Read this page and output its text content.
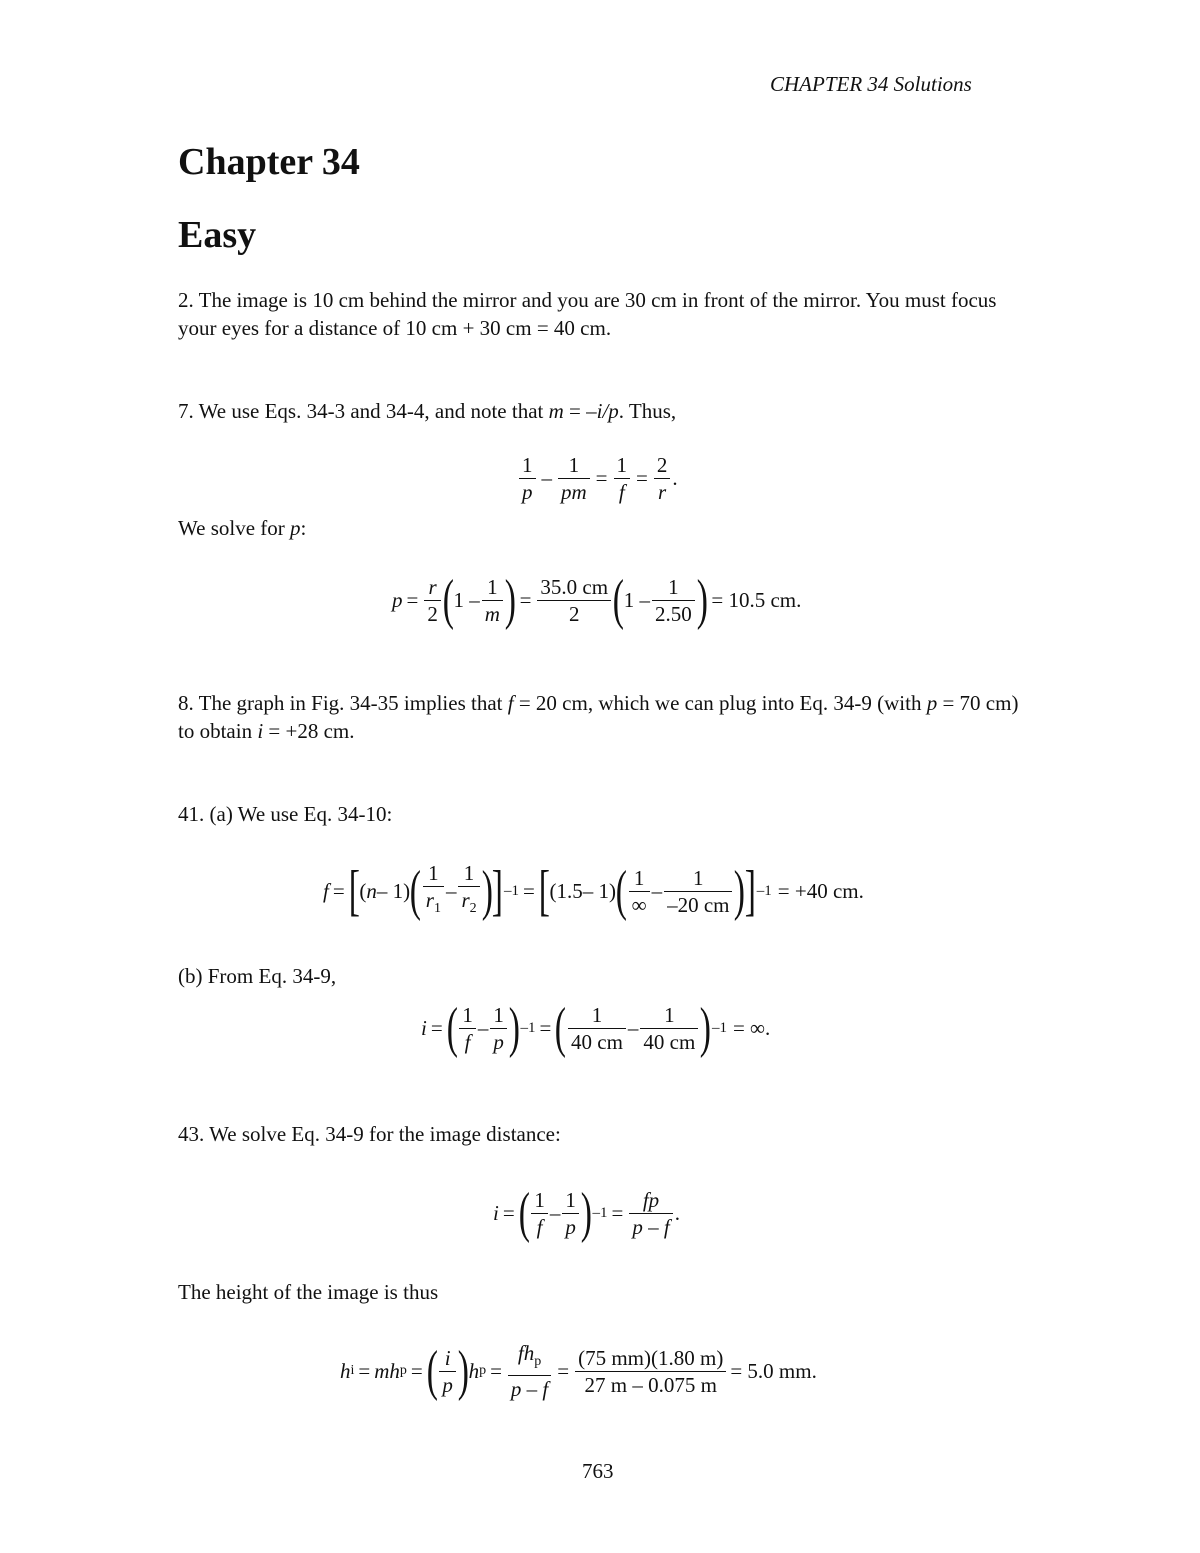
CHAPTER 34 Solutions
Chapter 34
Easy
2. The image is 10 cm behind the mirror and you are 30 cm in front of the mirror. You must focus your eyes for a distance of 10 cm + 30 cm = 40 cm.
7. We use Eqs. 34-3 and 34-4, and note that m = –i/p. Thus,
$\frac{1}{p} - \frac{1}{pm} = \frac{1}{f} = \frac{2}{r}$ .
We solve for p:
$p = \frac{r}{2}$ ( $1 - \frac{1}{m}$ ) = $\frac{35.0 cm}{2}$ ( $1 - \frac{1}{2.50}$ ) = 10.5 cm.
8. The graph in Fig. 34-35 implies that f = 20 cm, which we can plug into Eq. 34-9 (with p = 70 cm) to obtain i = +28 cm.
41. (a) We use Eq. 34-10:
f = [ ( n – 1) ( $\frac{1}{r_1} - \frac{1}{r_2}$ ) ] –1 = [ ( 1.5 – 1) ( $\frac{1}{\infty} - \frac{1}{-20 cm}$ ) ] –1 = +40 cm.
(b) From Eq. 34-9,
i = ( $\frac{1}{f} - \frac{1}{p}$ ) –1 = ( $\frac{1}{40 cm} - \frac{1}{40 cm}$ ) –1 = ∞.
43. We solve Eq. 34-9 for the image distance:
i = ( $\frac{1}{f} - \frac{1}{p}$ ) $-1 = \frac{fp}{p - f}$ .
The height of the image is thus
h i = mh p = ( $\frac{i}{p}$ ) h $p = \frac{fh_p}{p - f} = \frac{(75 mm)(1.80 m)}{27 m - 0.075 m} = 5.0$ mm.
763
